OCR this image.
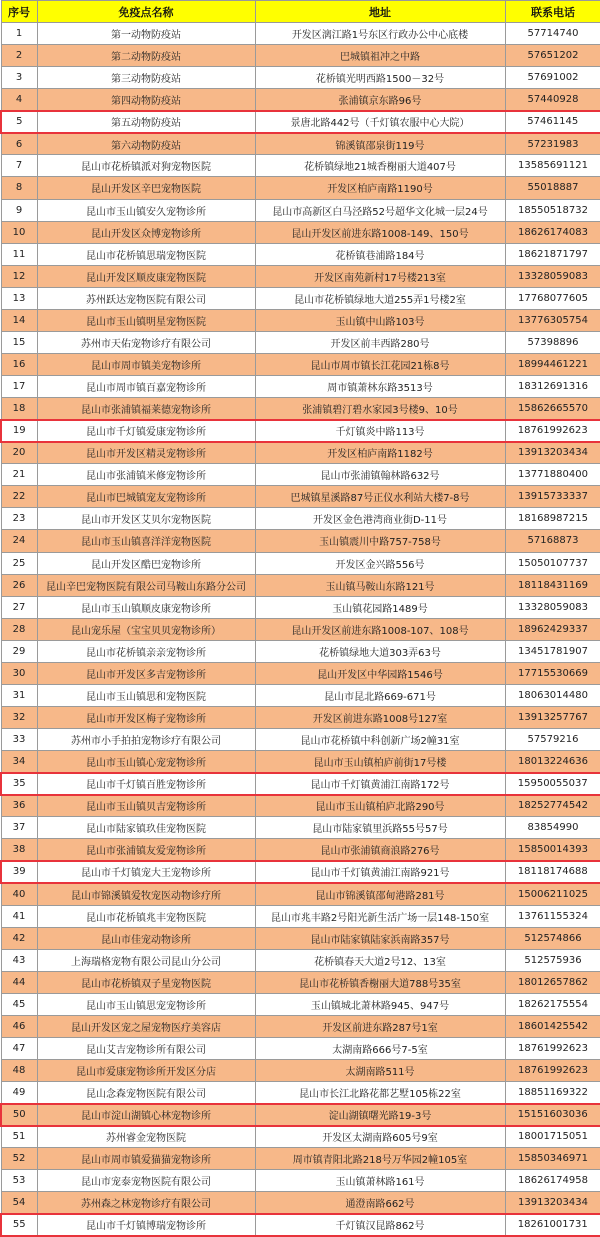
序号	免疫点名称	地址	联系电话
1	第一动物防疫站	开发区漓江路1号东区行政办公中心底楼	57714740
2	第二动物防疫站	巴城镇祖冲之中路	57651202
3	第三动物防疫站	花桥镇光明西路1500－32号	57691002
4	第四动物防疫站	张浦镇京东路96号	57440928
5	第五动物防疫站	景唐北路442号（千灯镇农服中心大院）	57461145
6	第六动物防疫站	锦溪镇邵泉街119号	57231983
7	昆山市花桥镇派对狗宠物医院	花桥镇绿地21城香榭丽大道407号	13585691121
8	昆山开发区辛巴宠物医院	开发区柏庐南路1190号	55018887
9	昆山市玉山镇安久宠物诊所	昆山市高新区白马泾路52号超华文化城一层24号	18550518732
10	昆山开发区众博宠物诊所	昆山开发区前进东路1008-149、150号	18626174083
11	昆山市花桥镇思瑞宠物医院	花桥镇巷浦路184号	18621871797
12	昆山开发区顺皮康宠物医院	开发区南苑新村17号楼213室	13328059083
13	苏州跃达宠物医院有限公司	昆山市花桥镇绿地大道255弄1号楼2室	17768077605
14	昆山市玉山镇明星宠物医院	玉山镇中山路103号	13776305754
15	苏州市天佑宠物诊疗有限公司	开发区前丰西路280号	57398896
16	昆山市周市镇美宠物诊所	昆山市周市镇长江花园21栋8号	18994461221
17	昆山市周市镇百嘉宠物诊所	周市镇萧林东路3513号	18312691316
18	昆山市张浦镇福莱德宠物诊所	张浦镇碧汀碧水家园3号楼9、10号	15862665570
19	昆山市千灯镇爱康宠物诊所	千灯镇炎中路113号	18761992623
20	昆山市开发区精灵宠物诊所	开发区柏庐南路1182号	13913203434
21	昆山市张浦镇米修宠物诊所	昆山市张浦镇翰林路632号	13771880400
22	昆山市巴城镇宠友宠物诊所	巴城镇星溪路87号正仪水利站大楼7-8号	13915733337
23	昆山市开发区艾贝尔宠物医院	开发区金色港湾商业街D-11号	18168987215
24	昆山市玉山镇喜洋洋宠物医院	玉山镇震川中路757-758号	57168873
25	昆山开发区酷巴宠物诊所	开发区金兴路556号	15050107737
26	昆山辛巴宠物医院有限公司马鞍山东路分公司	玉山镇马鞍山东路121号	18118431169
27	昆山市玉山镇顺皮康宠物诊所	玉山镇花园路1489号	13328059083
28	昆山宠乐屋（宝宝贝贝宠物诊所）	昆山开发区前进东路1008-107、108号	18962429337
29	昆山市花桥镇亲亲宠物诊所	花桥镇绿地大道303弄63号	13451781907
30	昆山市开发区多吉宠物诊所	昆山开发区中华园路1546号	17715530669
31	昆山市玉山镇思和宠物医院	昆山市昆北路669-671号	18063014480
32	昆山市开发区梅子宠物诊所	开发区前进东路1008号127室	13913257767
33	苏州市小手拍拍宠物诊疗有限公司	昆山市花桥镇中科创新广场2幢31室	57579216
34	昆山市玉山镇心宠宠物诊所	昆山市玉山镇柏庐前街17号楼	18013224636
35	昆山市千灯镇百胜宠物诊所	昆山市千灯镇黄浦江南路172号	15950055037
36	昆山市玉山镇贝吉宠物诊所	昆山市玉山镇柏庐北路290号	18252774542
37	昆山市陆家镇玖佳宠物医院	昆山市陆家镇里浜路55号57号	83854990
38	昆山市张浦镇友爱宠物诊所	昆山市张浦镇商浪路276号	15850014393
39	昆山市千灯镇宠大王宠物诊所	昆山市千灯镇黄浦江南路921号	18118174688
40	昆山市锦溪镇爱牧宠医动物诊疗所	昆山市锦溪镇邵甸港路281号	15006211025
41	昆山市花桥镇兆丰宠物医院	昆山市兆丰路2号阳光新生活广场一层148-150室	13761155324
42	昆山市佳宠动物诊所	昆山市陆家镇陆家浜南路357号	512574866
43	上海瑞格宠物有限公司昆山分公司	花桥镇春天大道2号12、13室	512575936
44	昆山市花桥镇双子星宠物医院	昆山市花桥镇香榭丽大道788号35室	18012657862
45	昆山市玉山镇思宠宠物诊所	玉山镇城北萧林路945、947号	18262175554
46	昆山开发区宠之屋宠物医疗美容店	开发区前进东路287号1室	18601425542
47	昆山艾吉宠物诊所有限公司	太湖南路666号7-5室	18761992623
48	昆山市爱康宠物诊所开发区分店	太湖南路511号	18761992623
49	昆山念森宠物医院有限公司	昆山市长江北路花都艺墅105栋22室	18851169322
50	昆山市淀山湖镇心林宠物诊所	淀山湖镇曙光路19-3号	15151603036
51	苏州睿金宠物医院	开发区太湖南路605号9室	18001715051
52	昆山市周市镇爱猫猫宠物诊所	周市镇青阳北路218号万华园2幢105室	15850346971
53	昆山市宠泰宠物医院有限公司	玉山镇萧林路161号	18626174958
54	苏州森之林宠物诊疗有限公司	通澄南路662号	13913203434
55	昆山市千灯镇博瑞宠物诊所	千灯镇汉昆路862号	18261001731
